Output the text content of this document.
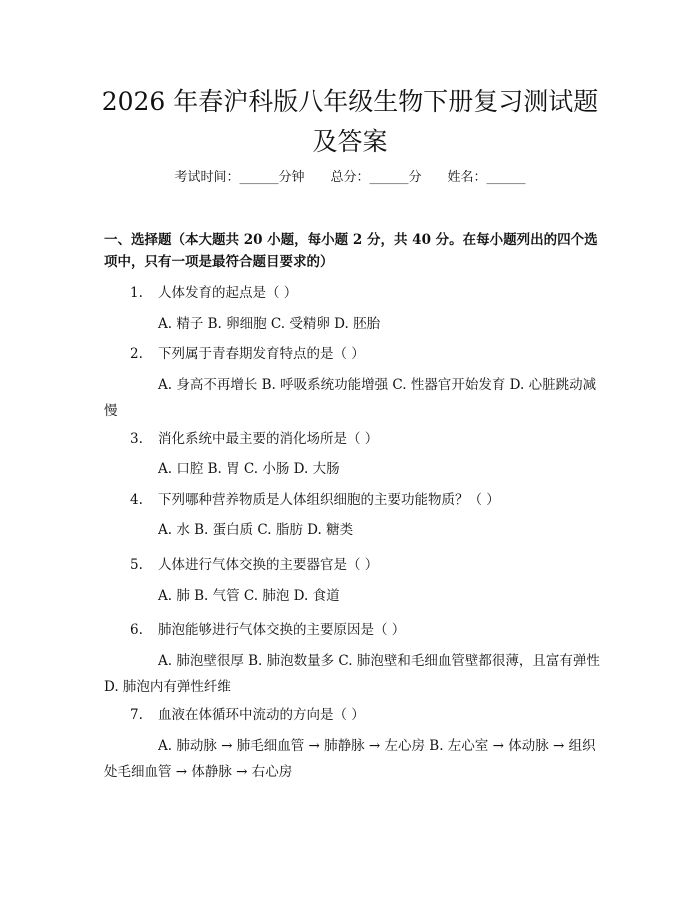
2026 年春沪科版八年级生物下册复习测试题及答案
考试时间：______分钟 总分：______分 姓名：______
一、选择题（本大题共 20 小题，每小题 2 分，共 40 分。在每小题列出的四个选项中，只有一项是最符合题目要求的）
1. 人体发育的起点是（ ）
A. 精子 B. 卵细胞 C. 受精卵 D. 胚胎
2. 下列属于青春期发育特点的是（ ）
A. 身高不再增长 B. 呼吸系统功能增强 C. 性器官开始发育 D. 心脏跳动减慢
3. 消化系统中最主要的消化场所是（ ）
A. 口腔 B. 胃 C. 小肠 D. 大肠
4. 下列哪种营养物质是人体组织细胞的主要功能物质？（ ）
A. 水 B. 蛋白质 C. 脂肪 D. 糖类
5. 人体进行气体交换的主要器官是（ ）
A. 肺 B. 气管 C. 肺泡 D. 食道
6. 肺泡能够进行气体交换的主要原因是（ ）
A. 肺泡壁很厚 B. 肺泡数量多 C. 肺泡壁和毛细血管壁都很薄，且富有弹性 D. 肺泡内有弹性纤维
7. 血液在体循环中流动的方向是（ ）
A. 肺动脉 → 肺毛细血管 → 肺静脉 → 左心房 B. 左心室 → 体动脉 → 组织处毛细血管 → 体静脉 → 右心房
